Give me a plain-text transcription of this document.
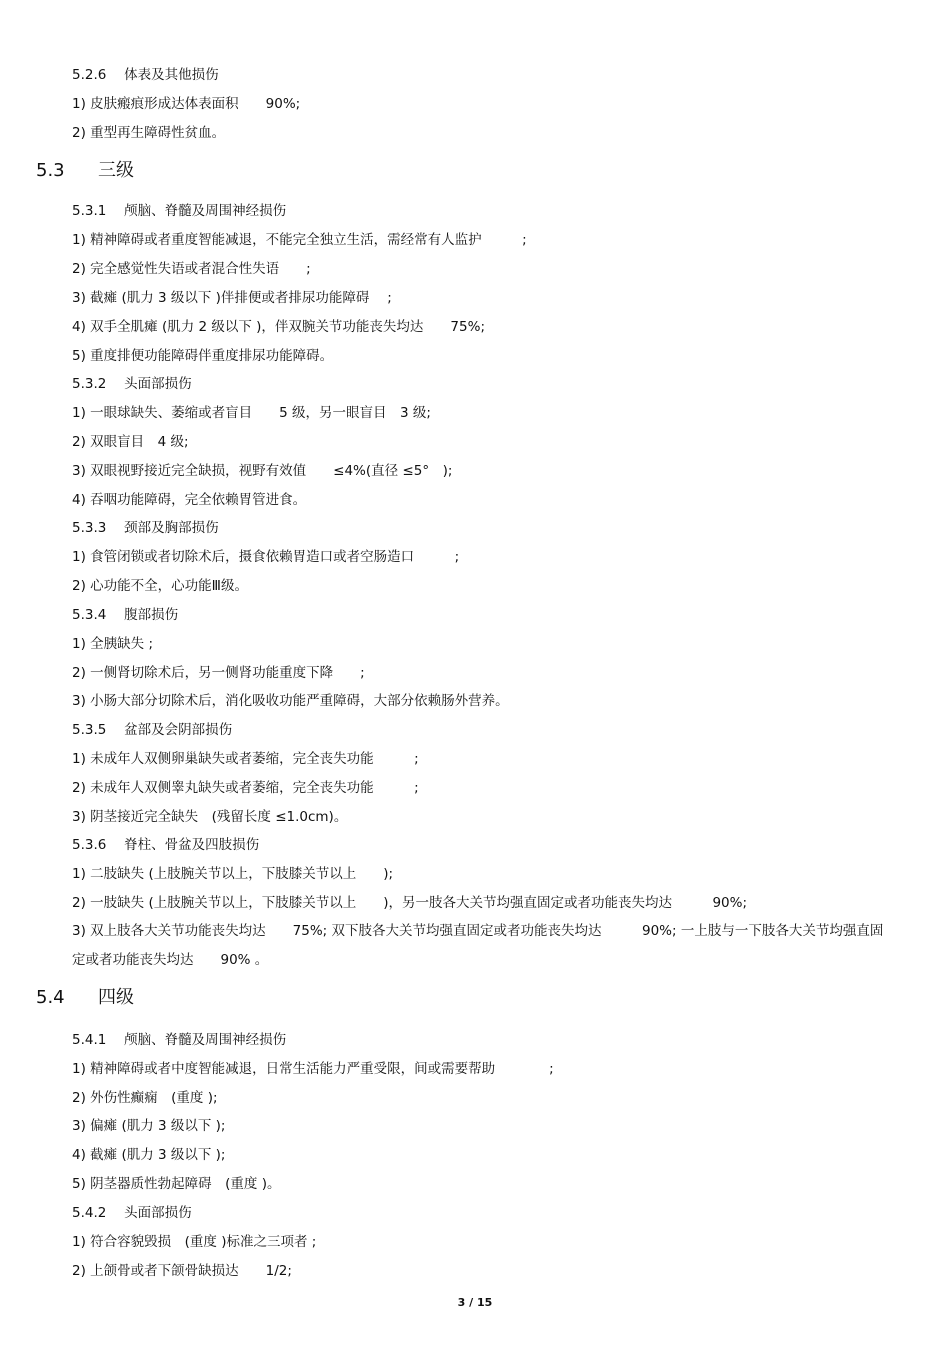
5.2.6　 体表及其他损伤
1) 皮肤瘢痕形成达体表面积　　90%;
2) 重型再生障碍性贫血。
5.3 三级
5.3.1　 颅脑、脊髓及周围神经损伤
1) 精神障碍或者重度智能减退，不能完全独立生活，需经常有人监护　　　;
2) 完全感觉性失语或者混合性失语　　;
3) 截瘫 (肌力 3 级以下 )伴排便或者排尿功能障碍　 ;
4) 双手全肌瘫 (肌力 2 级以下 )，伴双腕关节功能丧失均达　　75%;
5) 重度排便功能障碍伴重度排尿功能障碍。
5.3.2　 头面部损伤
1) 一眼球缺失、萎缩或者盲目　　5 级，另一眼盲目　3 级;
2) 双眼盲目　4 级;
3) 双眼视野接近完全缺损，视野有效值　　≤4%(直径 ≤5°　);
4) 吞咽功能障碍，完全依赖胃管进食。
5.3.3　 颈部及胸部损伤
1) 食管闭锁或者切除术后，摄食依赖胃造口或者空肠造口　　　;
2) 心功能不全，心功能Ⅲ级。
5.3.4　 腹部损伤
1) 全胰缺失 ;
2) 一侧肾切除术后，另一侧肾功能重度下降　　;
3) 小肠大部分切除术后，消化吸收功能严重障碍，大部分依赖肠外营养。
5.3.5　 盆部及会阴部损伤
1) 未成年人双侧卵巢缺失或者萎缩，完全丧失功能　　　;
2) 未成年人双侧睾丸缺失或者萎缩，完全丧失功能　　　;
3) 阴茎接近完全缺失　(残留长度 ≤1.0cm)。
5.3.6　 脊柱、骨盆及四肢损伤
1) 二肢缺失 (上肢腕关节以上，下肢膝关节以上　　);
2) 一肢缺失 (上肢腕关节以上，下肢膝关节以上　　)，另一肢各大关节均强直固定或者功能丧失均达　　　90%;
3) 双上肢各大关节功能丧失均达　　75%; 双下肢各大关节均强直固定或者功能丧失均达　　　90%; 一上肢与一下肢各大关节均强直固定或者功能丧失均达　　90% 。
5.4 四级
5.4.1　 颅脑、脊髓及周围神经损伤
1) 精神障碍或者中度智能减退，日常生活能力严重受限，间或需要帮助　　　　;
2) 外伤性癫痫　(重度 );
3) 偏瘫 (肌力 3 级以下 );
4) 截瘫 (肌力 3 级以下 );
5) 阴茎器质性勃起障碍　(重度 )。
5.4.2　 头面部损伤
1) 符合容貌毁损　(重度 )标准之三项者 ;
2) 上颌骨或者下颌骨缺损达　　1/2;
3 / 15
